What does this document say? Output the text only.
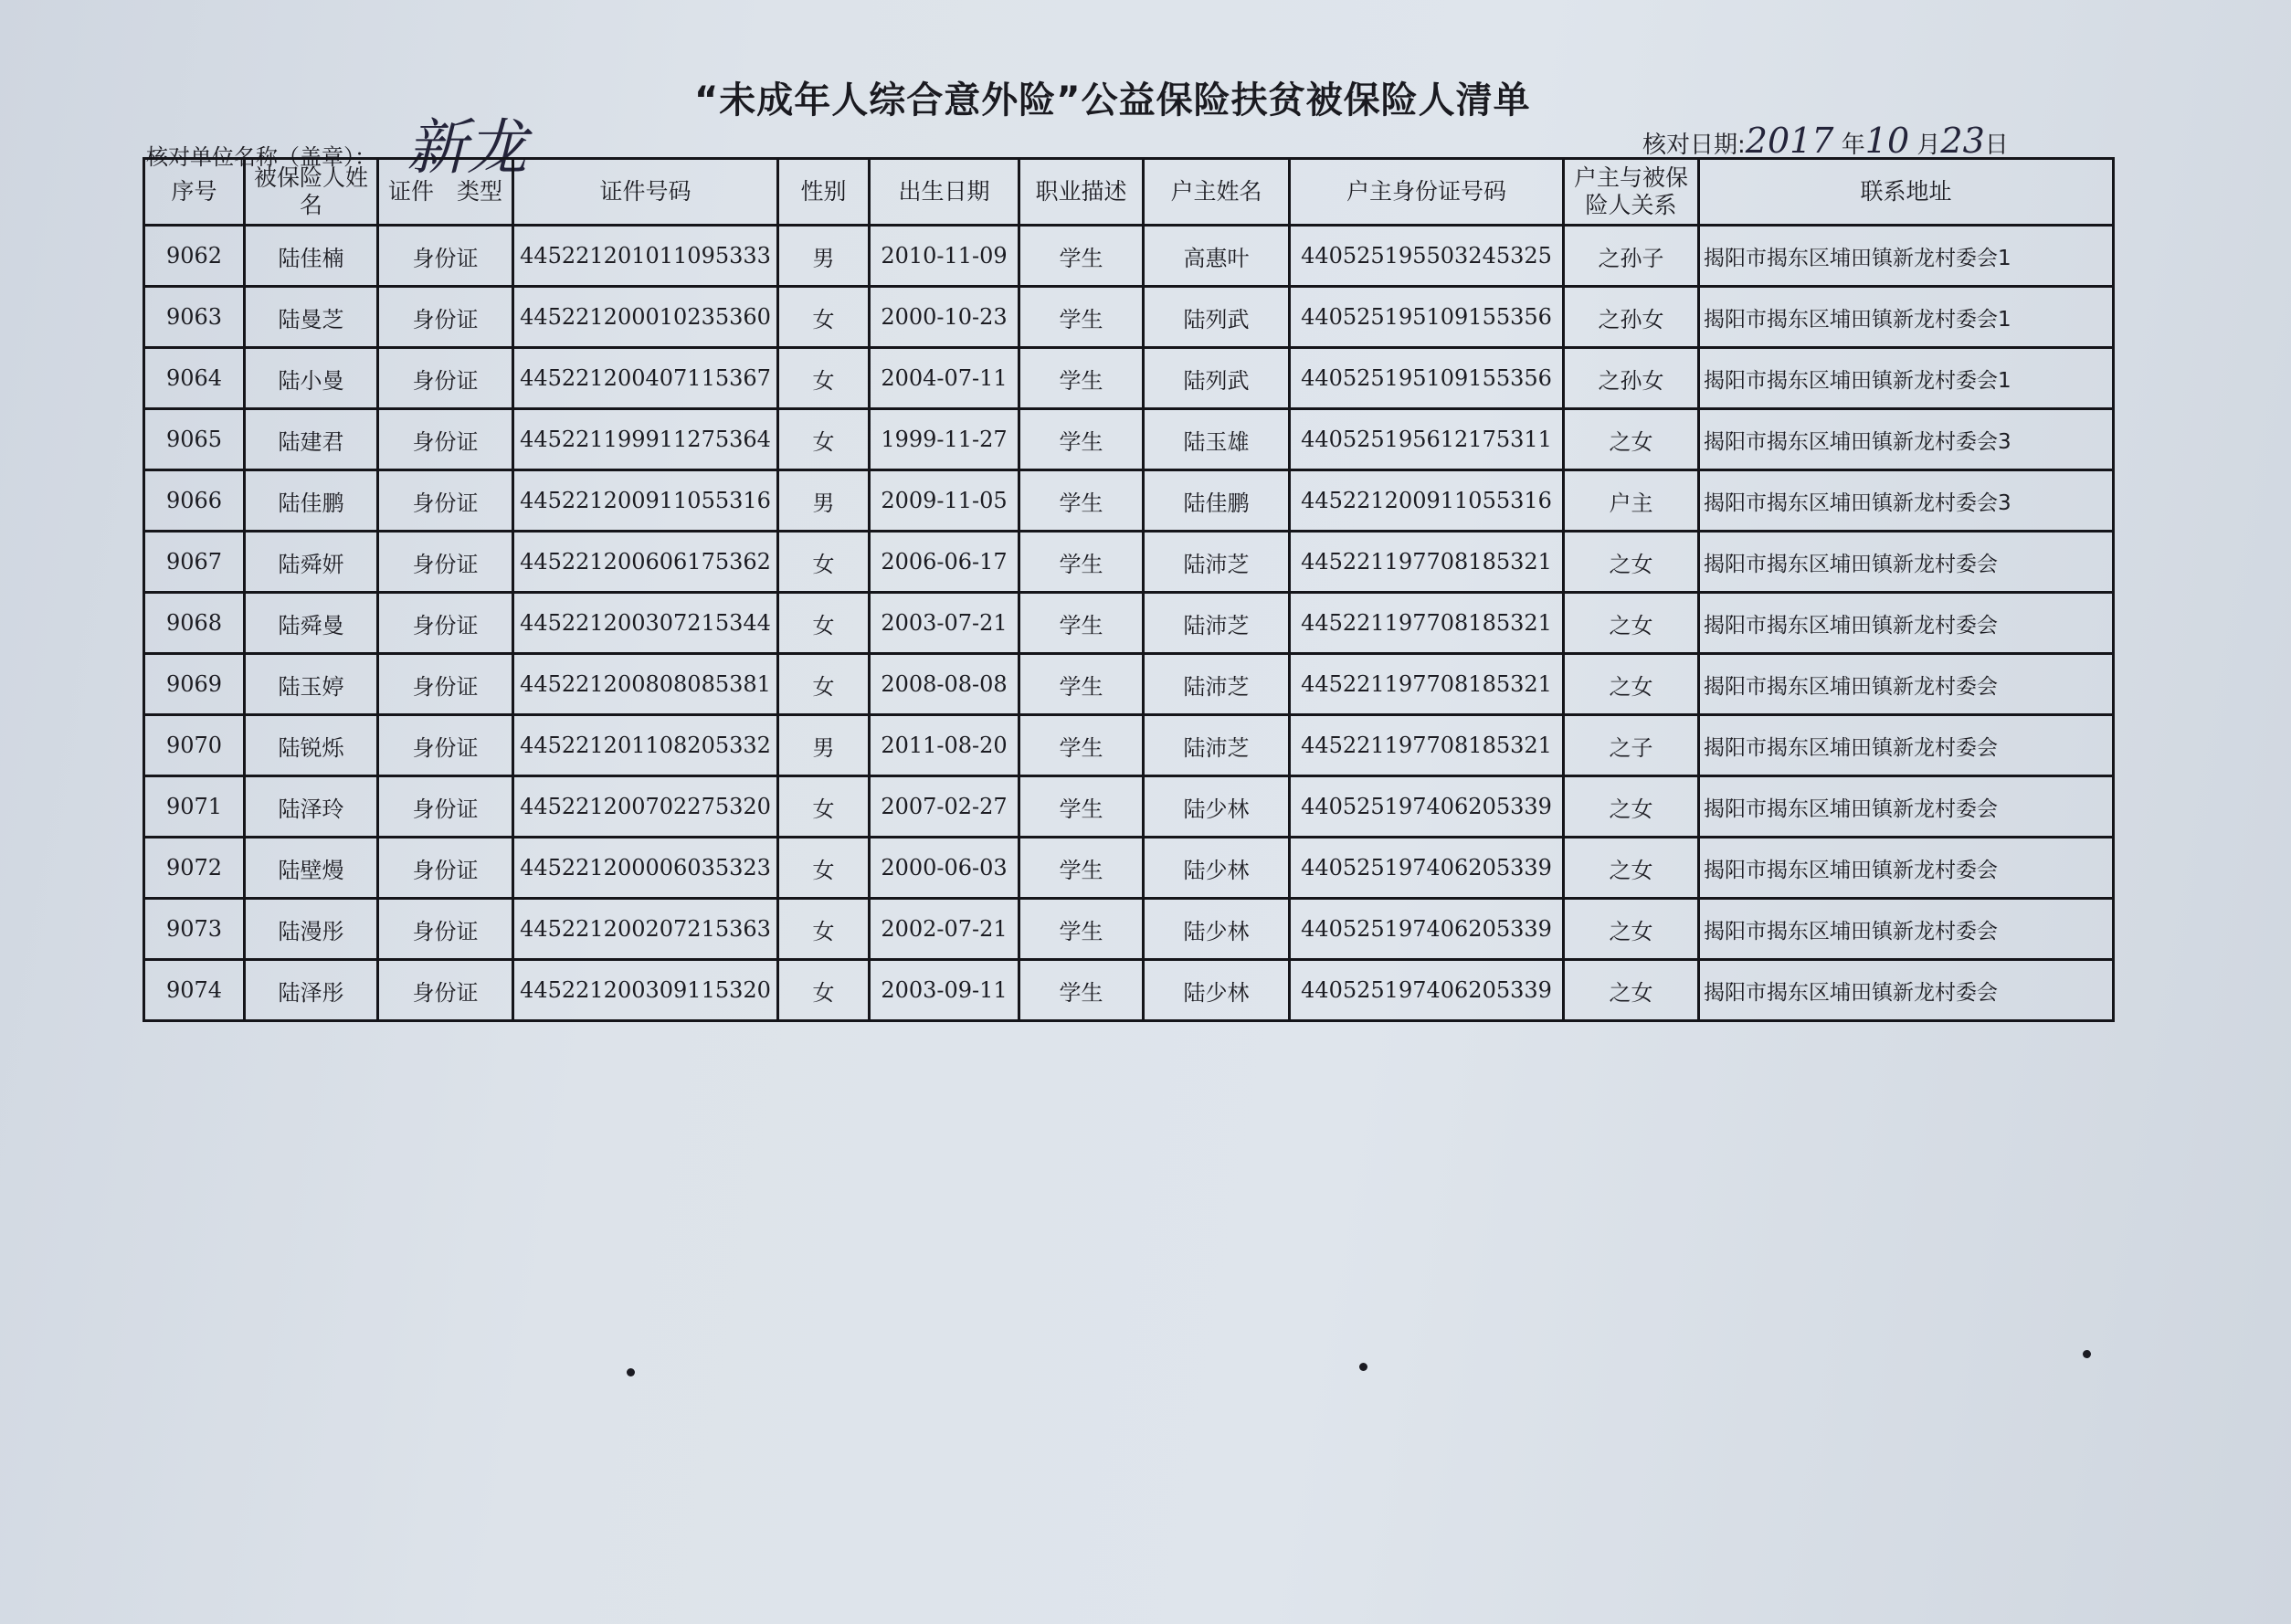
“未成年人综合意外险”公益保险扶贫被保险人清单
核对单位名称（盖章）： 新龙	核对日期:2017 年10 月23日
序号	被保险人姓名	证件　类型	证件号码	性别	出生日期	职业描述	户主姓名	户主身份证号码	户主与被保险人关系	联系地址
9062	陆佳楠	身份证	445221201011095333	男	2010-11-09	学生	高惠叶	440525195503245325	之孙子	揭阳市揭东区埔田镇新龙村委会1
9063	陆曼芝	身份证	445221200010235360	女	2000-10-23	学生	陆列武	440525195109155356	之孙女	揭阳市揭东区埔田镇新龙村委会1
9064	陆小曼	身份证	445221200407115367	女	2004-07-11	学生	陆列武	440525195109155356	之孙女	揭阳市揭东区埔田镇新龙村委会1
9065	陆建君	身份证	445221199911275364	女	1999-11-27	学生	陆玉雄	440525195612175311	之女	揭阳市揭东区埔田镇新龙村委会3
9066	陆佳鹏	身份证	445221200911055316	男	2009-11-05	学生	陆佳鹏	445221200911055316	户主	揭阳市揭东区埔田镇新龙村委会3
9067	陆舜妍	身份证	445221200606175362	女	2006-06-17	学生	陆沛芝	445221197708185321	之女	揭阳市揭东区埔田镇新龙村委会
9068	陆舜曼	身份证	445221200307215344	女	2003-07-21	学生	陆沛芝	445221197708185321	之女	揭阳市揭东区埔田镇新龙村委会
9069	陆玉婷	身份证	445221200808085381	女	2008-08-08	学生	陆沛芝	445221197708185321	之女	揭阳市揭东区埔田镇新龙村委会
9070	陆锐烁	身份证	445221201108205332	男	2011-08-20	学生	陆沛芝	445221197708185321	之子	揭阳市揭东区埔田镇新龙村委会
9071	陆泽玲	身份证	445221200702275320	女	2007-02-27	学生	陆少林	440525197406205339	之女	揭阳市揭东区埔田镇新龙村委会
9072	陆壁熳	身份证	445221200006035323	女	2000-06-03	学生	陆少林	440525197406205339	之女	揭阳市揭东区埔田镇新龙村委会
9073	陆漫彤	身份证	445221200207215363	女	2002-07-21	学生	陆少林	440525197406205339	之女	揭阳市揭东区埔田镇新龙村委会
9074	陆泽彤	身份证	445221200309115320	女	2003-09-11	学生	陆少林	440525197406205339	之女	揭阳市揭东区埔田镇新龙村委会
